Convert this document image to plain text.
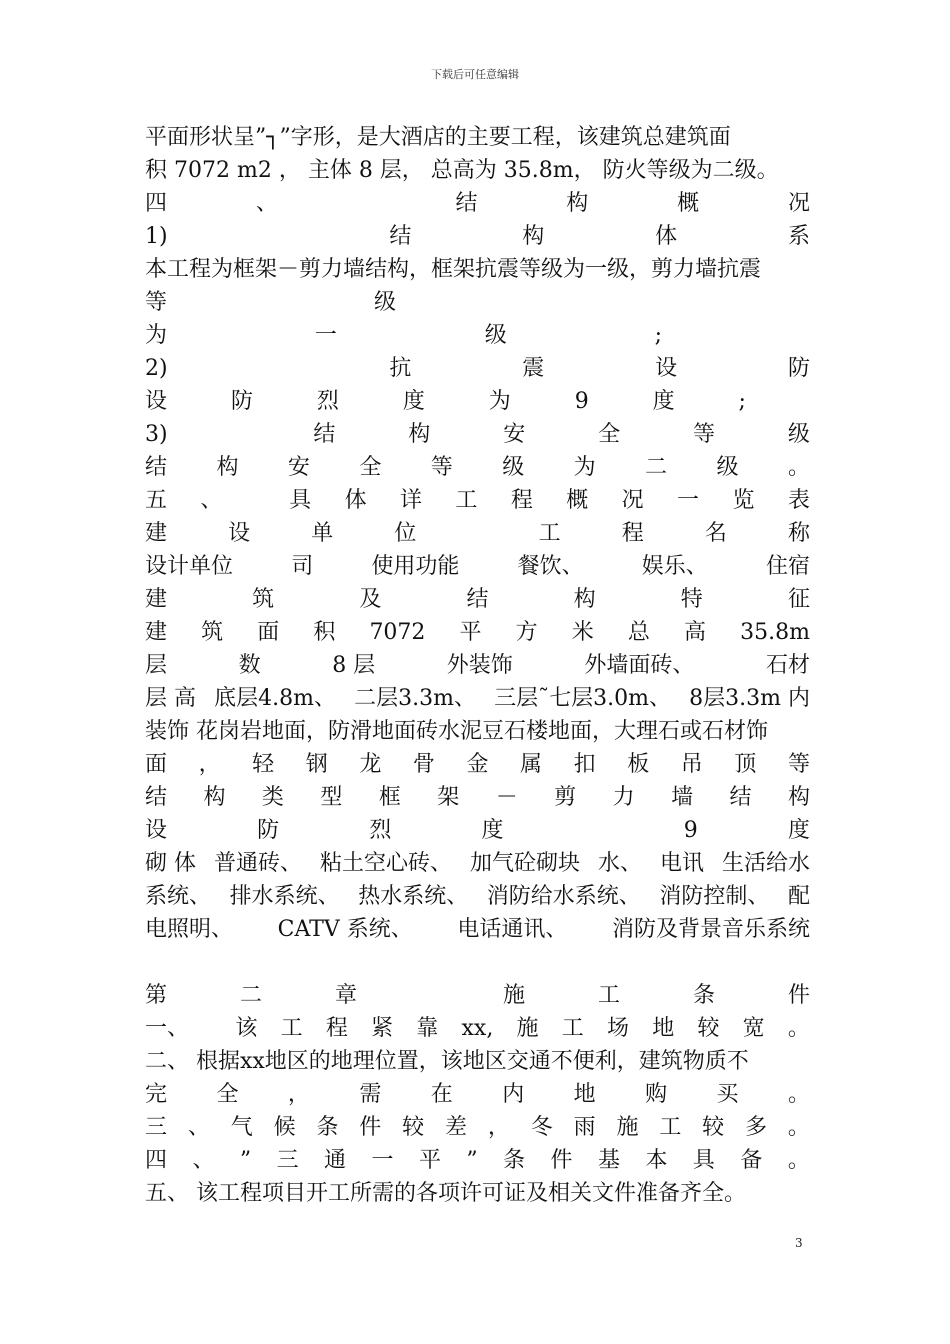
下载后可任意编辑
平面形状呈”┐”字形，是大酒店的主要工程，该建筑总建筑面
积 7072 m2 ， 主体 8 层， 总高为 35.8m， 防火等级为二级。
四	、	结	构	概	况
1)	结	构	体	系
本工程为框架－剪力墙结构，框架抗震等级为一级，剪力墙抗震
等	级
为	一	级	;
2)	抗	震	设	防
设	防	烈	度	为	9	度	;
3)	结	构	安	全	等	级
结 构 安 全 等 级 为 二 级 。
五 、	具 体 详 工 程 概 况 一 览 表
建	设	单	位	工	程	名	称
设计单位	司	使用功能	餐饮、	娱乐、	住宿
建	筑	及	结	构	特	征
建 筑 面 积 7072 平 方 米 总 高 35.8m
层	数	8 层	外装饰	外墙面砖、	石材
层 高 底层4.8m、 二层3.3m、 三层˜七层3.0m、 8层3.3m 内
装饰 花岗岩地面，防滑地面砖水泥豆石楼地面，大理石或石材饰
面 ， 轻 钢 龙 骨 金 属 扣 板 吊 顶 等
结 构 类 型 框 架 － 剪 力 墙 结 构
设	防	烈	度	9	度
砌 体 普通砖、 粘土空心砖、 加气砼砌块 水、 电讯 生活给水
系统、 排水系统、 热水系统、 消防给水系统、 消防控制、 配
电照明、 CATV 系统、 电话通讯、 消防及背景音乐系统
第	二	章	施	工	条	件
一、 该 工 程 紧 靠 xx, 施 工 场 地 较 宽 。
二、 根据xx地区的地理位置，该地区交通不便利，建筑物质不
完 全 ， 需 在 内 地 购 买 。
三 、 气 候 条 件 较 差 ， 冬 雨 施 工 较 多 。
四 、 ” 三 通 一 平 ” 条 件 基 本 具 备 。
五、 该工程项目开工所需的各项许可证及相关文件准备齐全。
3
